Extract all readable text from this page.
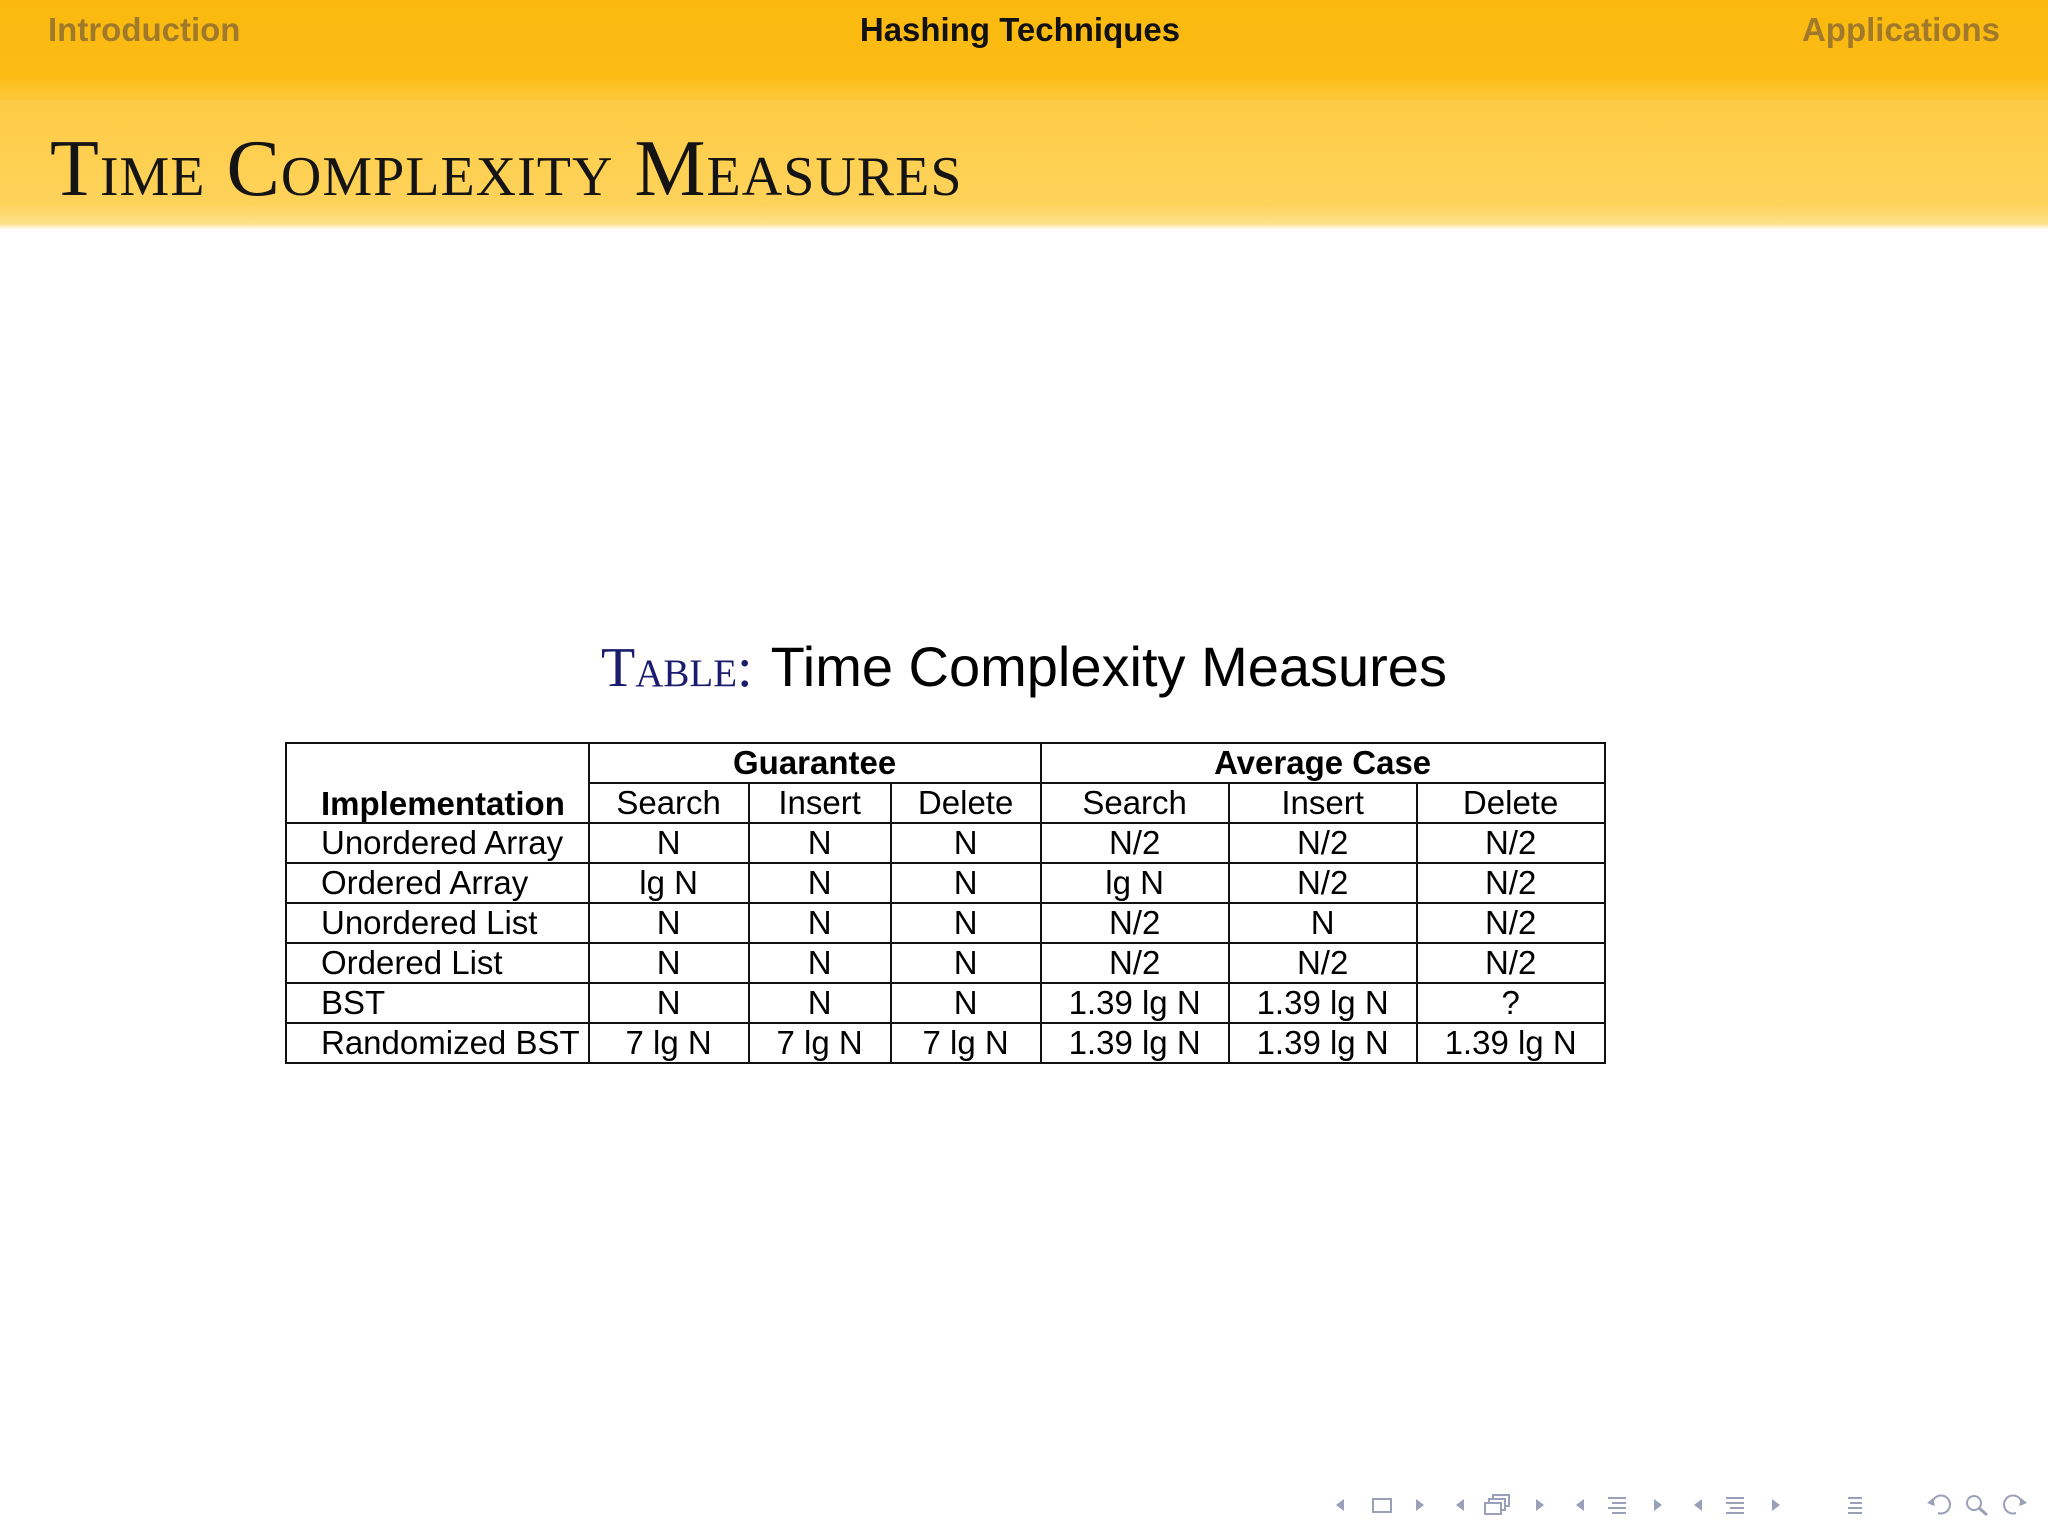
Introduction	Hashing Techniques	Applications
Time Complexity Measures
Table: Time Complexity Measures
Implementation	Guarantee			Average Case		
	Search	Insert	Delete	Search	Insert	Delete
Unordered Array	N	N	N	N/2	N/2	N/2
Ordered Array	lg N	N	N	lg N	N/2	N/2
Unordered List	N	N	N	N/2	N	N/2
Ordered List	N	N	N	N/2	N/2	N/2
BST	N	N	N	1.39 lg N	1.39 lg N	?
Randomized BST	7 lg N	7 lg N	7 lg N	1.39 lg N	1.39 lg N	1.39 lg N
